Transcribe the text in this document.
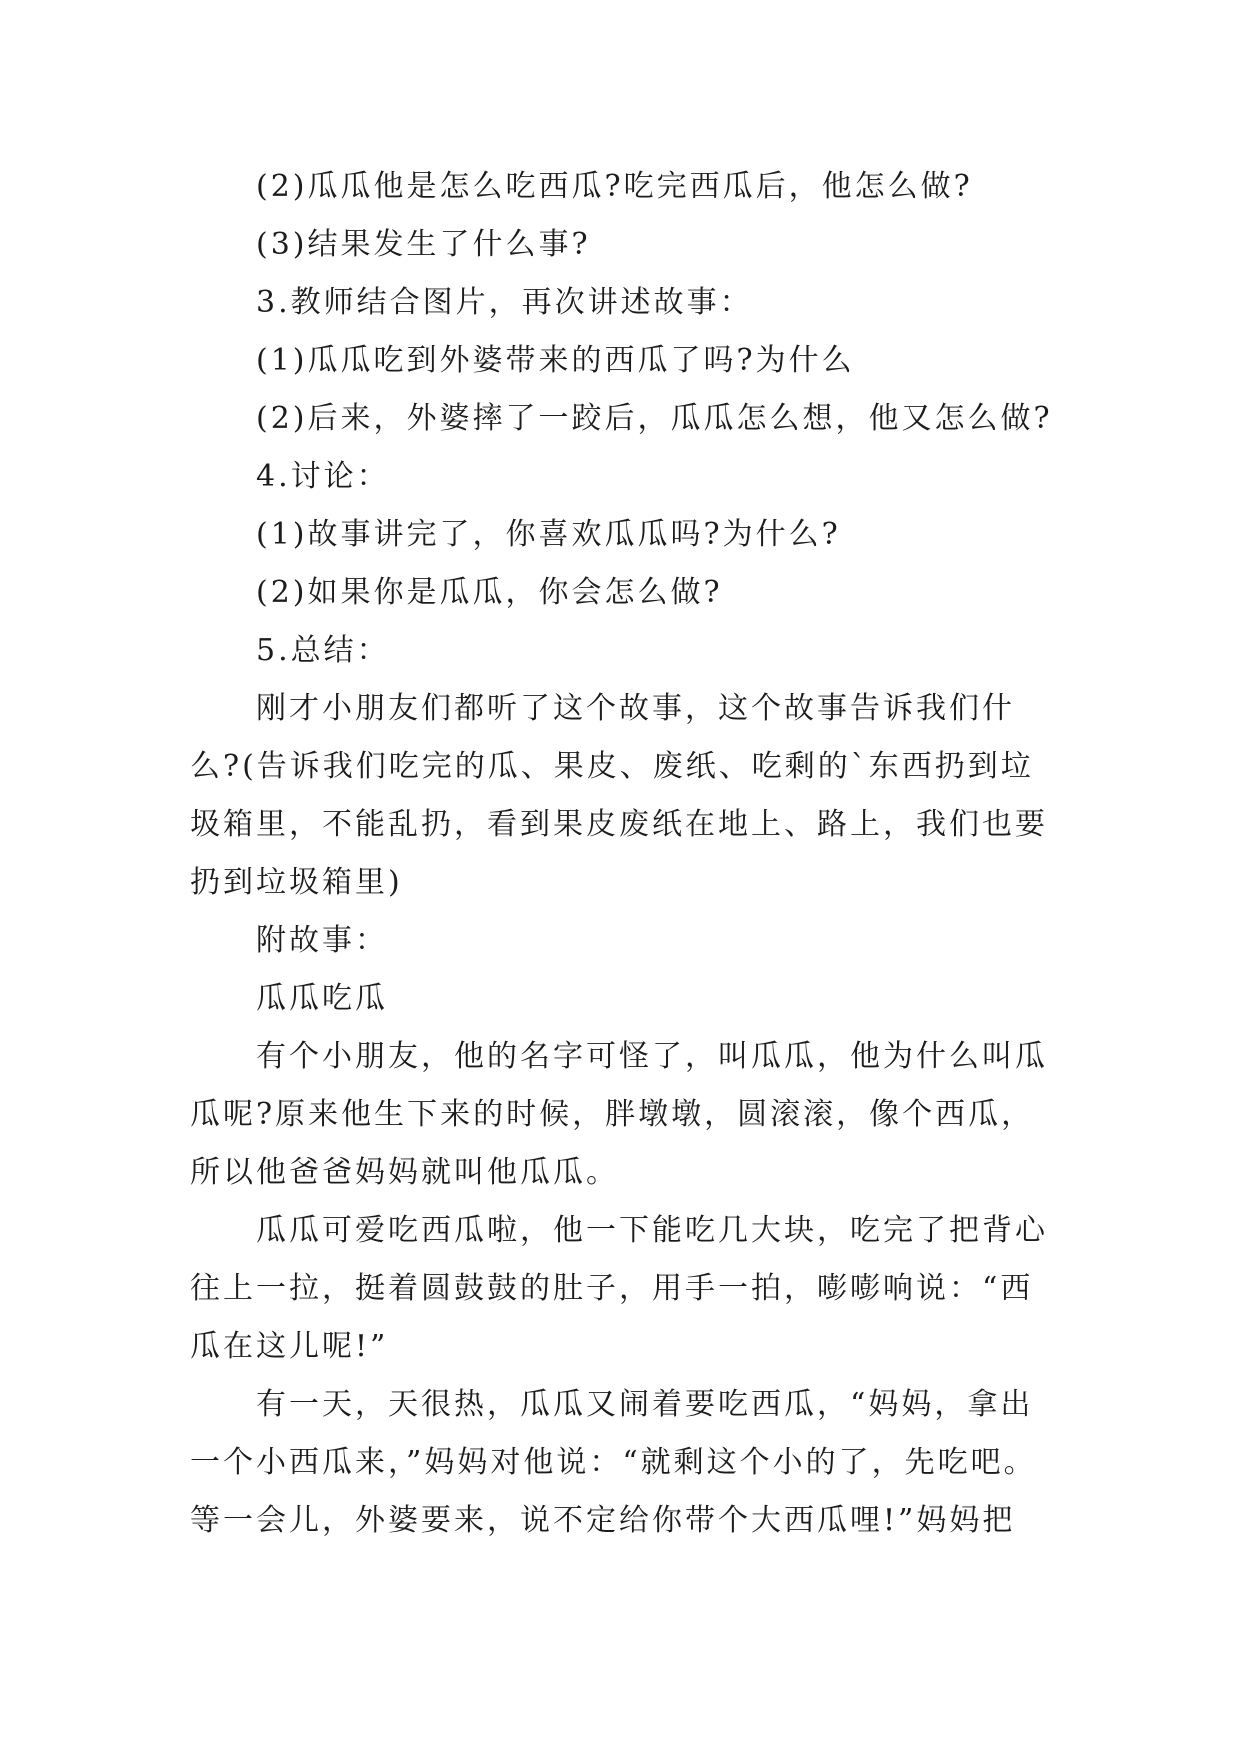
(2)瓜瓜他是怎么吃西瓜?吃完西瓜后，他怎么做?
(3)结果发生了什么事?
3.教师结合图片，再次讲述故事：
(1)瓜瓜吃到外婆带来的西瓜了吗?为什么
(2)后来，外婆摔了一跤后，瓜瓜怎么想，他又怎么做?
4.讨论：
(1)故事讲完了，你喜欢瓜瓜吗?为什么?
(2)如果你是瓜瓜，你会怎么做?
5.总结：
刚才小朋友们都听了这个故事，这个故事告诉我们什
么?(告诉我们吃完的瓜、果皮、废纸、吃剩的`东西扔到垃
圾箱里，不能乱扔，看到果皮废纸在地上、路上，我们也要
扔到垃圾箱里)
附故事：
瓜瓜吃瓜
有个小朋友，他的名字可怪了，叫瓜瓜，他为什么叫瓜
瓜呢?原来他生下来的时候，胖墩墩，圆滚滚，像个西瓜，
所以他爸爸妈妈就叫他瓜瓜。
瓜瓜可爱吃西瓜啦，他一下能吃几大块，吃完了把背心
往上一拉，挺着圆鼓鼓的肚子，用手一拍，嘭嘭响说：“西
瓜在这儿呢!”
有一天，天很热，瓜瓜又闹着要吃西瓜，“妈妈，拿出
一个小西瓜来，”妈妈对他说：“就剩这个小的了，先吃吧。
等一会儿，外婆要来，说不定给你带个大西瓜哩!”妈妈把
